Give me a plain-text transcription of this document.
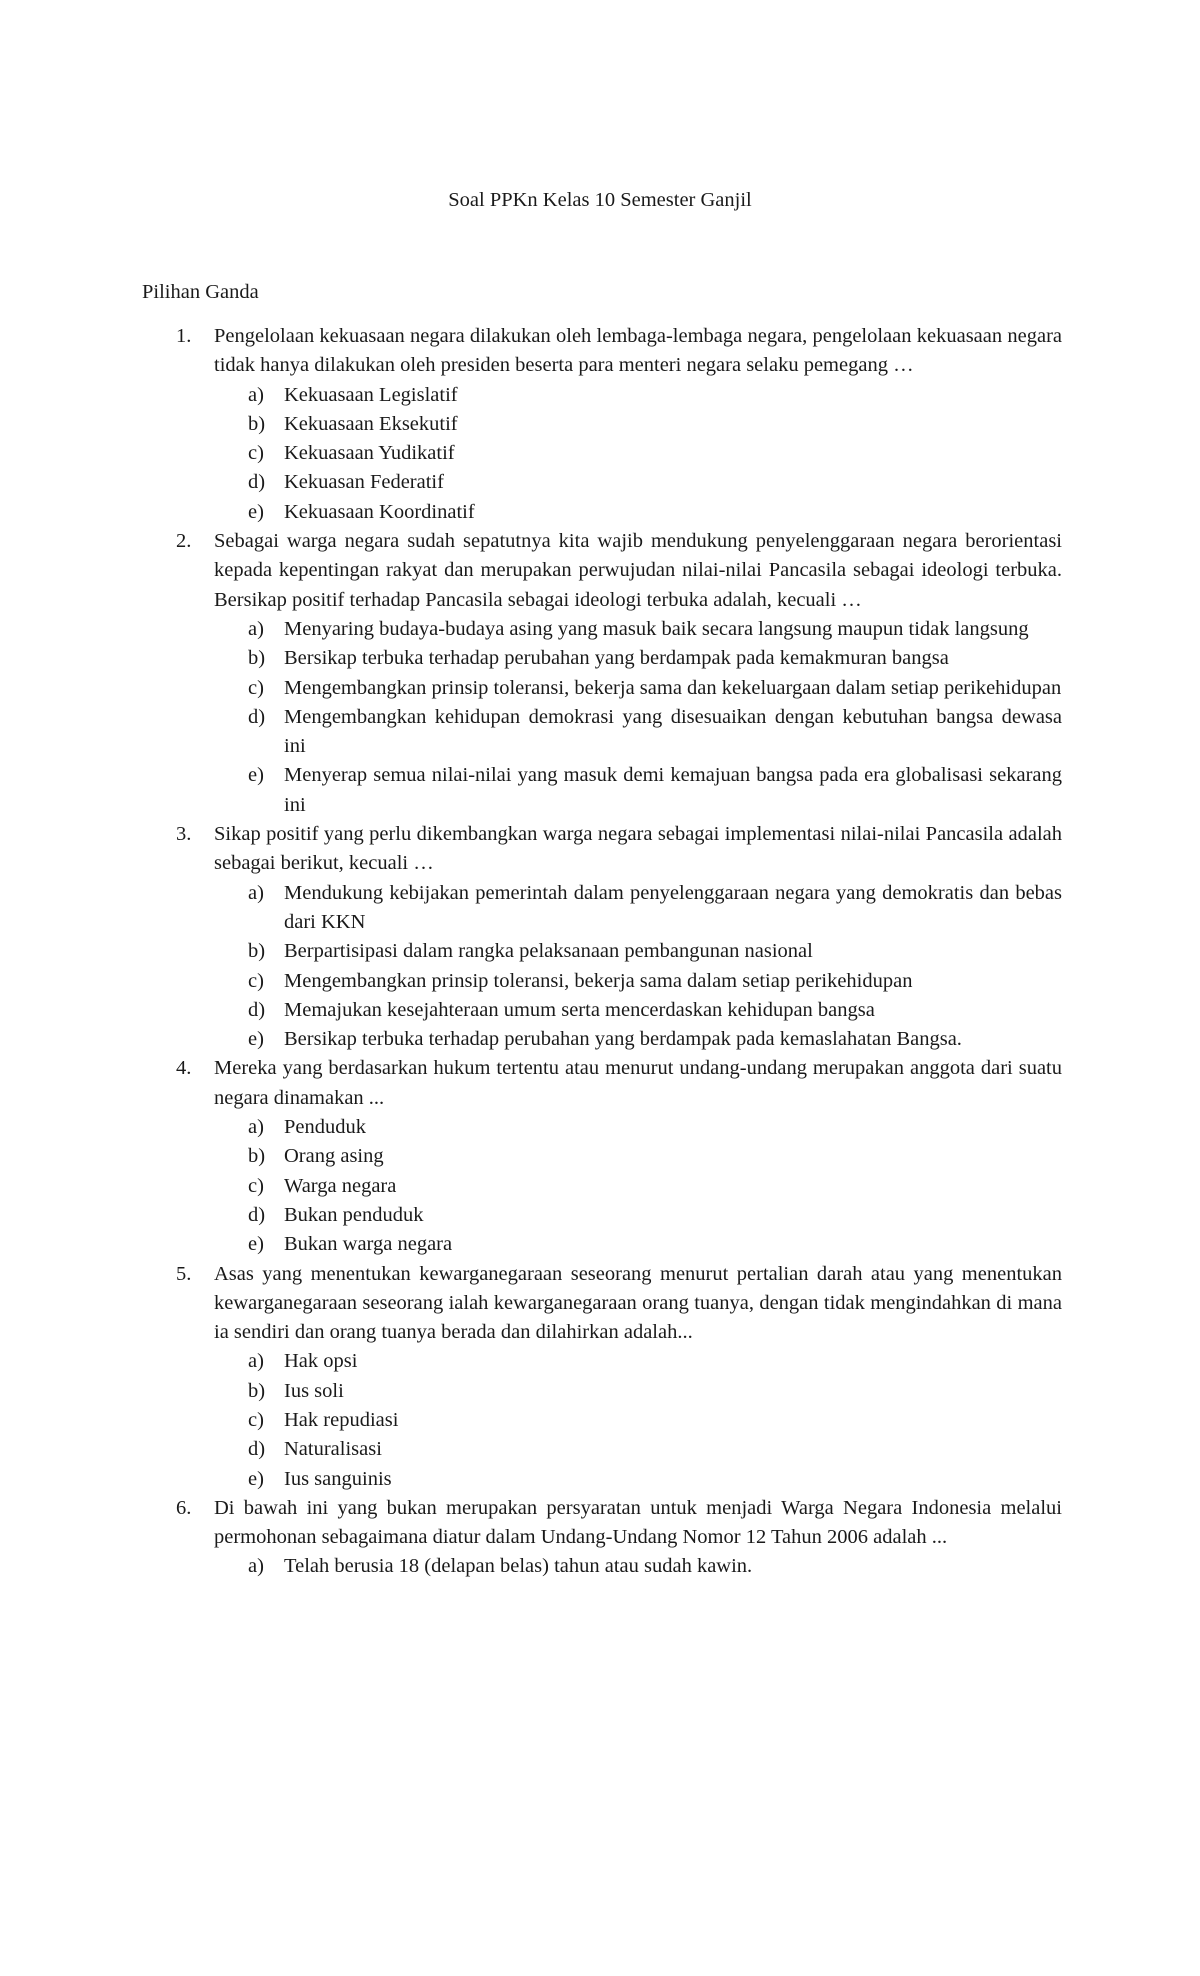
Soal PPKn Kelas 10 Semester Ganjil
Pilihan Ganda
1. Pengelolaan kekuasaan negara dilakukan oleh lembaga-lembaga negara, pengelolaan kekuasaan negara tidak hanya dilakukan oleh presiden beserta para menteri negara selaku pemegang …
a) Kekuasaan Legislatif
b) Kekuasaan Eksekutif
c) Kekuasaan Yudikatif
d) Kekuasan Federatif
e) Kekuasaan Koordinatif
2. Sebagai warga negara sudah sepatutnya kita wajib mendukung penyelenggaraan negara berorientasi kepada kepentingan rakyat dan merupakan perwujudan nilai-nilai Pancasila sebagai ideologi terbuka. Bersikap positif terhadap Pancasila sebagai ideologi terbuka adalah, kecuali …
a) Menyaring budaya-budaya asing yang masuk baik secara langsung maupun tidak langsung
b) Bersikap terbuka terhadap perubahan yang berdampak pada kemakmuran bangsa
c) Mengembangkan prinsip toleransi, bekerja sama dan kekeluargaan dalam setiap perikehidupan
d) Mengembangkan kehidupan demokrasi yang disesuaikan dengan kebutuhan bangsa dewasa ini
e) Menyerap semua nilai-nilai yang masuk demi kemajuan bangsa pada era globalisasi sekarang ini
3. Sikap positif yang perlu dikembangkan warga negara sebagai implementasi nilai-nilai Pancasila adalah sebagai berikut, kecuali …
a) Mendukung kebijakan pemerintah dalam penyelenggaraan negara yang demokratis dan bebas dari KKN
b) Berpartisipasi dalam rangka pelaksanaan pembangunan nasional
c) Mengembangkan prinsip toleransi, bekerja sama dalam setiap perikehidupan
d) Memajukan kesejahteraan umum serta mencerdaskan kehidupan bangsa
e) Bersikap terbuka terhadap perubahan yang berdampak pada kemaslahatan Bangsa.
4. Mereka yang berdasarkan hukum tertentu atau menurut undang-undang merupakan anggota dari suatu negara dinamakan ...
a) Penduduk
b) Orang asing
c) Warga negara
d) Bukan penduduk
e) Bukan warga negara
5. Asas yang menentukan kewarganegaraan seseorang menurut pertalian darah atau yang menentukan kewarganegaraan seseorang ialah kewarganegaraan orang tuanya, dengan tidak mengindahkan di mana ia sendiri dan orang tuanya berada dan dilahirkan adalah...
a) Hak opsi
b) Ius soli
c) Hak repudiasi
d) Naturalisasi
e) Ius sanguinis
6. Di bawah ini yang bukan merupakan persyaratan untuk menjadi Warga Negara Indonesia melalui permohonan sebagaimana diatur dalam Undang-Undang Nomor 12 Tahun 2006 adalah ...
a) Telah berusia 18 (delapan belas) tahun atau sudah kawin.
